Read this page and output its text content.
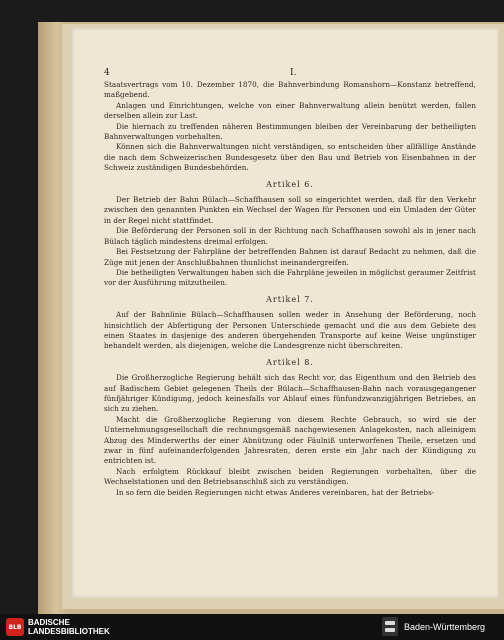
4	I.

Staatsvertrags vom 10. Dezember 1870, die Bahnverbindung Romanshorn—Konstanz betreffend, maßgebend.

Anlagen und Einrichtungen, welche von einer Bahnverwaltung allein benützt werden, fallen derselben allein zur Last.

Die hiernach zu treffenden näheren Bestimmungen bleiben der Vereinbarung der betheiligten Bahnverwaltungen vorbehalten.

Können sich die Bahnverwaltungen nicht verständigen, so entscheiden über allfällige Anstände die nach dem Schweizerischen Bundesgesetz über den Bau und Betrieb von Eisenbahnen in der Schweiz zuständigen Bundesbehörden.

Artikel 6.

Der Betrieb der Bahn Bülach—Schaffhausen soll so eingerichtet werden, daß für den Verkehr zwischen den genannten Punkten ein Wechsel der Wagen für Personen und ein Umladen der Güter in der Regel nicht stattfindet.

Die Beförderung der Personen soll in der Richtung nach Schaffhausen sowohl als in jener nach Bülach täglich mindestens dreimal erfolgen.

Bei Festsetzung der Fahrpläne der betreffenden Bahnen ist darauf Bedacht zu nehmen, daß die Züge mit jenen der Anschlußbahnen thunlichst ineinandergreifen.

Die betheiligten Verwaltungen haben sich die Fahrpläne jeweilen in möglichst geraumer Zeitfrist vor der Ausführung mitzutheilen.

Artikel 7.

Auf der Bahnlinie Bülach—Schaffhausen sollen weder in Ansehung der Beförderung, noch hinsichtlich der Abfertigung der Personen Unterschiede gemacht und die aus dem Gebiete des einen Staates in dasjenige des anderen übergehenden Transporte auf keine Weise ungünstiger behandelt werden, als diejenigen, welche die Landesgrenze nicht überschreiten.

Artikel 8.

Die Großherzogliche Regierung behält sich das Recht vor, das Eigenthum und den Betrieb des auf Badischem Gebiet gelegenen Theils der Bülach—Schaffhausen-Bahn nach vorausgegangener fünfjähriger Kündigung, jedoch keinesfalls vor Ablauf eines fünfundzwanzigjährigen Betriebes, an sich zu ziehen.

Macht die Großherzogliche Regierung von diesem Rechte Gebrauch, so wird sie der Unternehmungsgesellschaft die rechnungsgemäß nachgewiesenen Anlagekosten, nach alleinigem Abzug des Minderwerths der einer Abnützung oder Fäulniß unterworfenen Theile, ersetzen und zwar in fünf aufeinanderfolgenden Jahresraten, deren erste ein Jahr nach der Kündigung zu entrichten ist.

Nach erfolgtem Rückkauf bleibt zwischen beiden Regierungen vorbehalten, über die Wechselstationen und den Betriebsanschluß sich zu verständigen.

In so fern die beiden Regierungen nicht etwas Anderes vereinbaren, hat der Betriebs-

BLB BADISCHE
LANDESBIBLIOTHEK	Baden-Württemberg
